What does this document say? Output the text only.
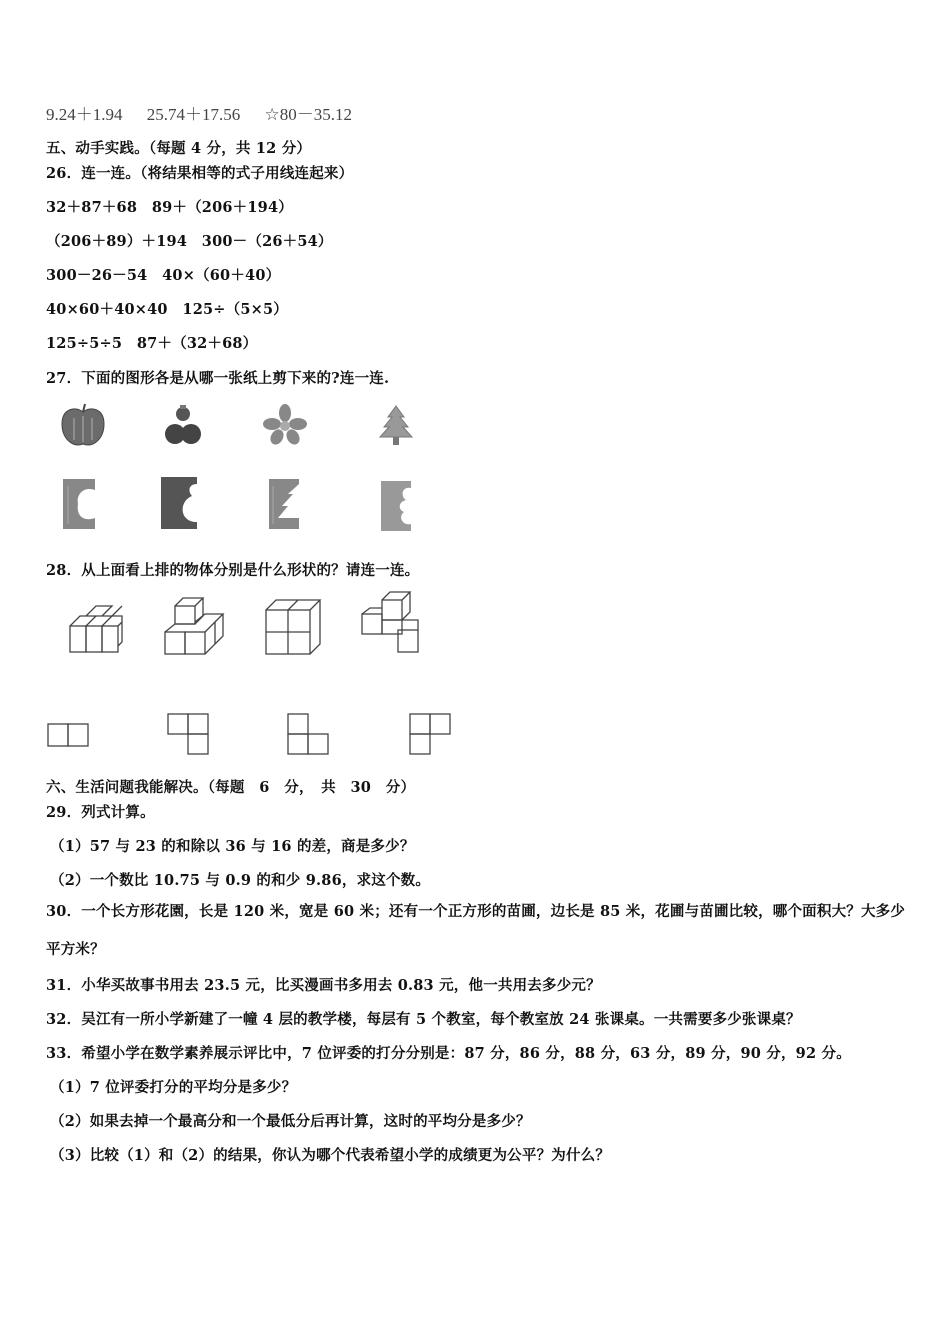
9.24＋1.94 25.74＋17.56 ☆80－35.12
五、动手实践。（每题 4 分，共 12 分）
26．连一连。（将结果相等的式子用线连起来）
32＋87＋68　89＋（206＋194）
（206＋89）＋194　300－（26＋54）
300－26－54　40×（60＋40）
40×60＋40×40　125÷（5×5）
125÷5÷5　87＋（32＋68）
27．下面的图形各是从哪一张纸上剪下来的?连一连.
28．从上面看上排的物体分别是什么形状的？请连一连。
六、生活问题我能解决。（每题　6　分，　共　30　分）
29．列式计算。
（1）57 与 23 的和除以 36 与 16 的差，商是多少？
（2）一个数比 10.75 与 0.9 的和少 9.86，求这个数。
30．一个长方形花園，长是 120 米，宽是 60 米；还有一个正方形的苗圃，边长是 85 米，花圃与苗圃比较，哪个面积大？大多少平方米？
31．小华买故事书用去 23.5 元，比买漫画书多用去 0.83 元，他一共用去多少元？
32．吴江有一所小学新建了一幢 4 层的教学楼，每层有 5 个教室，每个教室放 24 张课桌。一共需要多少张课桌？
33．希望小学在数学素养展示评比中，7 位评委的打分分别是：87 分，86 分，88 分，63 分，89 分，90 分，92 分。
（1）7 位评委打分的平均分是多少？
（2）如果去掉一个最高分和一个最低分后再计算，这时的平均分是多少？
（3）比较（1）和（2）的结果，你认为哪个代表希望小学的成绩更为公平？为什么？
